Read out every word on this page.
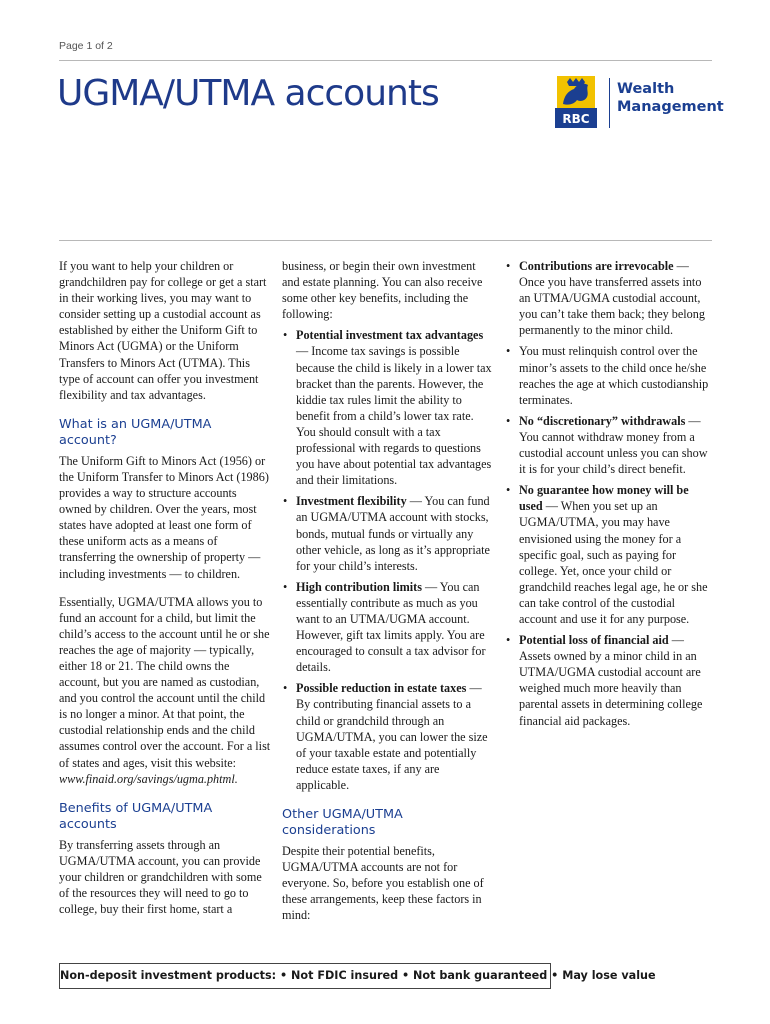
Page 1 of 2
UGMA/UTMA accounts
RBC
Wealth
Management

If you want to help your children or grandchildren pay for college or get a start in their working lives, you may want to consider setting up a custodial account as established by either the Uniform Gift to Minors Act (UGMA) or the Uniform Transfers to Minors Act (UTMA). This type of account can offer you investment flexibility and tax advantages.

What is an UGMA/UTMA account?

The Uniform Gift to Minors Act (1956) or the Uniform Transfer to Minors Act (1986) provides a way to structure accounts owned by children. Over the years, most states have adopted at least one form of these uniform acts as a means of transferring the ownership of property — including investments — to children.

Essentially, UGMA/UTMA allows you to fund an account for a child, but limit the child’s access to the account until he or she reaches the age of majority — typically, either 18 or 21. The child owns the account, but you are named as custodian, and you control the account until the child is no longer a minor. At that point, the custodial relationship ends and the child assumes control over the account. For a list of states and ages, visit this website: www.finaid.org/savings/ugma.phtml.

Benefits of UGMA/UTMA accounts

By transferring assets through an UGMA/UTMA account, you can provide your children or grandchildren with some of the resources they will need to go to college, buy their first home, start a

business, or begin their own investment and estate planning. You can also receive some other key benefits, including the following:

• Potential investment tax advantages — Income tax savings is possible because the child is likely in a lower tax bracket than the parents. However, the kiddie tax rules limit the ability to benefit from a child’s lower tax rate. You should consult with a tax professional with regards to questions you have about potential tax advantages and their limitations.
• Investment flexibility — You can fund an UGMA/UTMA account with stocks, bonds, mutual funds or virtually any other vehicle, as long as it’s appropriate for your child’s interests.
• High contribution limits — You can essentially contribute as much as you want to an UTMA/UGMA account. However, gift tax limits apply. You are encouraged to consult a tax advisor for details.
• Possible reduction in estate taxes — By contributing financial assets to a child or grandchild through an UGMA/UTMA, you can lower the size of your taxable estate and potentially reduce estate taxes, if any are applicable.
Other UGMA/UTMA considerations

Despite their potential benefits, UGMA/UTMA accounts are not for everyone. So, before you establish one of these arrangements, keep these factors in mind:

• Contributions are irrevocable — Once you have transferred assets into an UTMA/UGMA custodial account, you can’t take them back; they belong permanently to the minor child.
• You must relinquish control over the minor’s assets to the child once he/she reaches the age at which custodianship terminates.
• No “discretionary” withdrawals — You cannot withdraw money from a custodial account unless you can show it is for your child’s direct benefit.
• No guarantee how money will be used — When you set up an UGMA/UTMA, you may have envisioned using the money for a specific goal, such as paying for college. Yet, once your child or grandchild reaches legal age, he or she can take control of the custodial account and use it for any purpose.
• Potential loss of financial aid — Assets owned by a minor child in an UTMA/UGMA custodial account are weighed much more heavily than parental assets in determining college financial aid packages.
Non-deposit investment products: • Not FDIC insured • Not bank guaranteed • May lose value
